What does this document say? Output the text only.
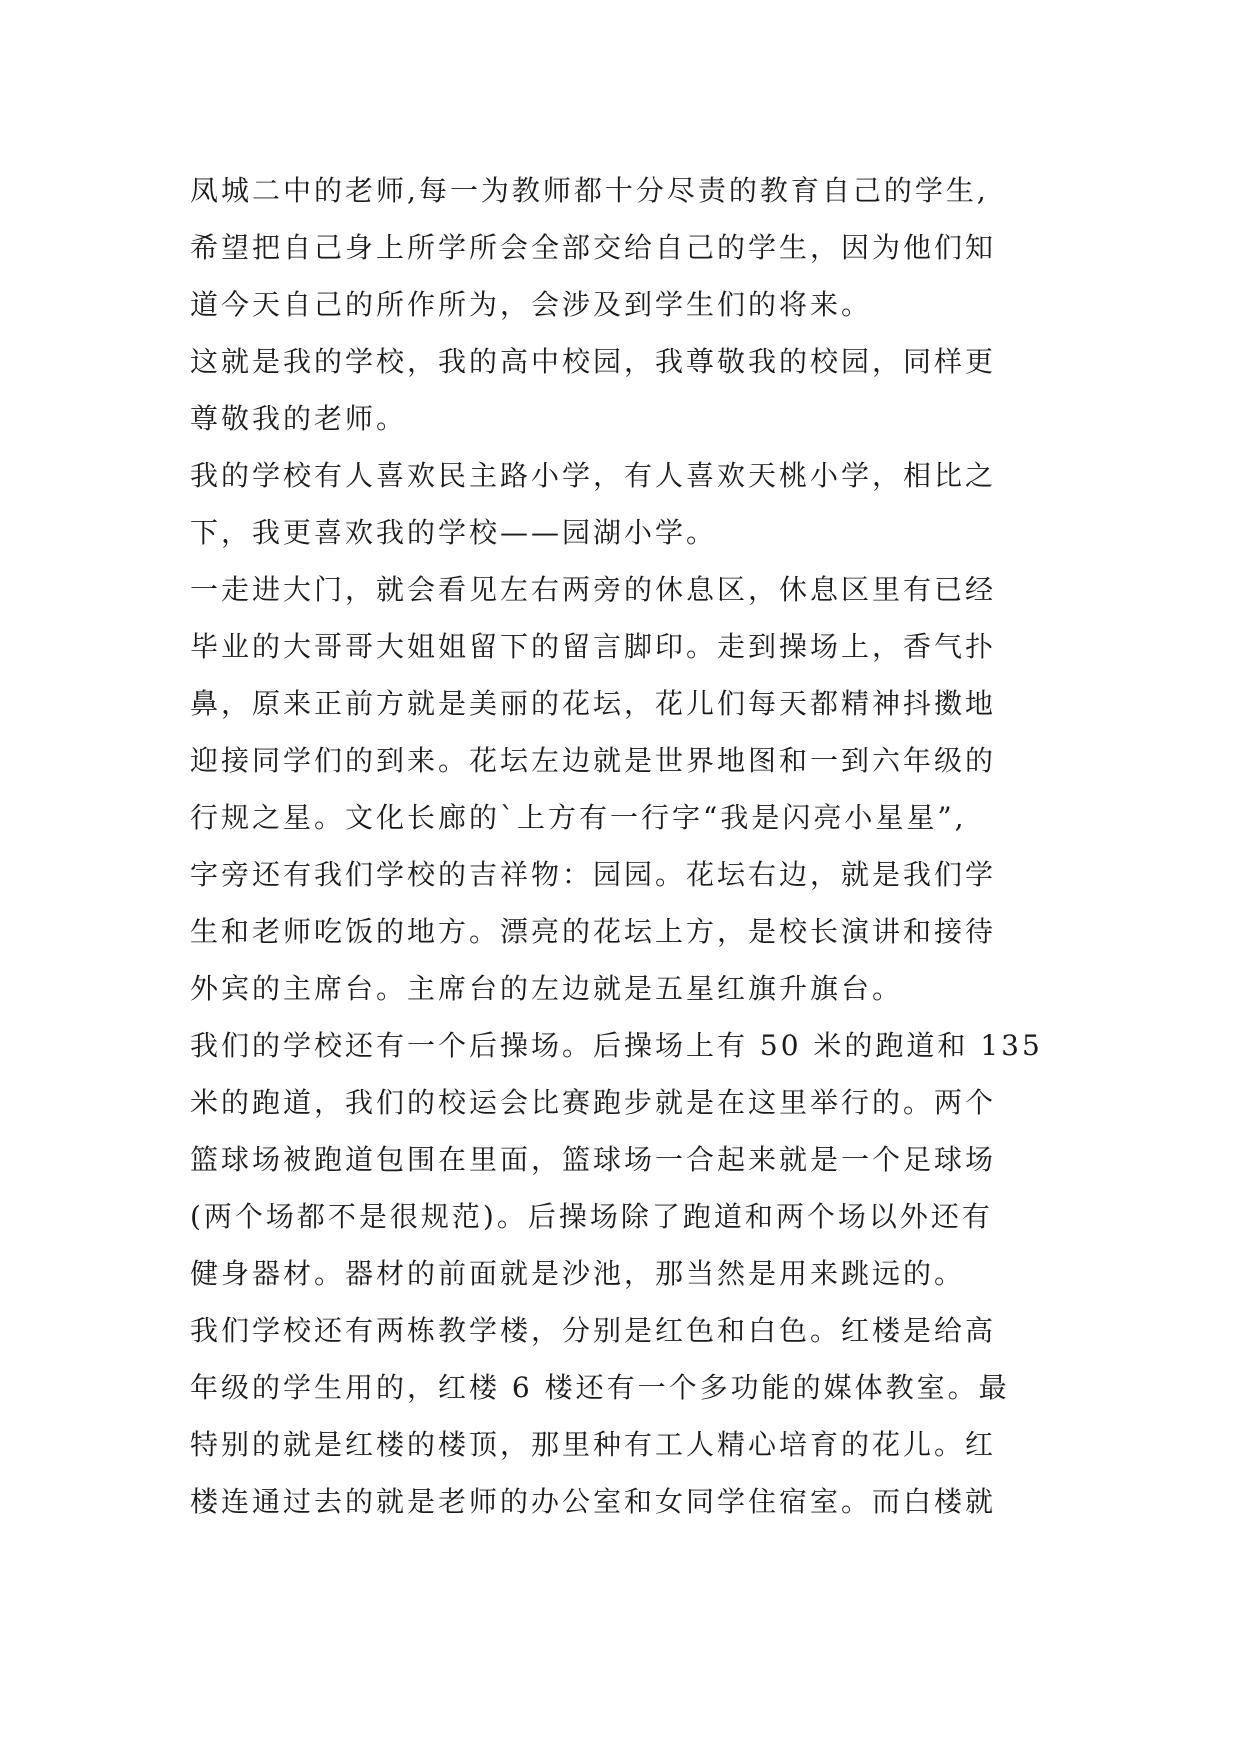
凤城二中的老师,每一为教师都十分尽责的教育自己的学生,
希望把自己身上所学所会全部交给自己的学生，因为他们知
道今天自己的所作所为，会涉及到学生们的将来。
这就是我的学校，我的高中校园，我尊敬我的校园，同样更
尊敬我的老师。
我的学校有人喜欢民主路小学，有人喜欢天桃小学，相比之
下，我更喜欢我的学校——园湖小学。
一走进大门，就会看见左右两旁的休息区，休息区里有已经
毕业的大哥哥大姐姐留下的留言脚印。走到操场上，香气扑
鼻，原来正前方就是美丽的花坛，花儿们每天都精神抖擞地
迎接同学们的到来。花坛左边就是世界地图和一到六年级的
行规之星。文化长廊的`上方有一行字“我是闪亮小星星”,
字旁还有我们学校的吉祥物：园园。花坛右边，就是我们学
生和老师吃饭的地方。漂亮的花坛上方，是校长演讲和接待
外宾的主席台。主席台的左边就是五星红旗升旗台。
我们的学校还有一个后操场。后操场上有 50 米的跑道和 135
米的跑道，我们的校运会比赛跑步就是在这里举行的。两个
篮球场被跑道包围在里面，篮球场一合起来就是一个足球场
(两个场都不是很规范)。后操场除了跑道和两个场以外还有
健身器材。器材的前面就是沙池，那当然是用来跳远的。
我们学校还有两栋教学楼，分别是红色和白色。红楼是给高
年级的学生用的，红楼 6 楼还有一个多功能的媒体教室。最
特别的就是红楼的楼顶，那里种有工人精心培育的花儿。红
楼连通过去的就是老师的办公室和女同学住宿室。而白楼就
